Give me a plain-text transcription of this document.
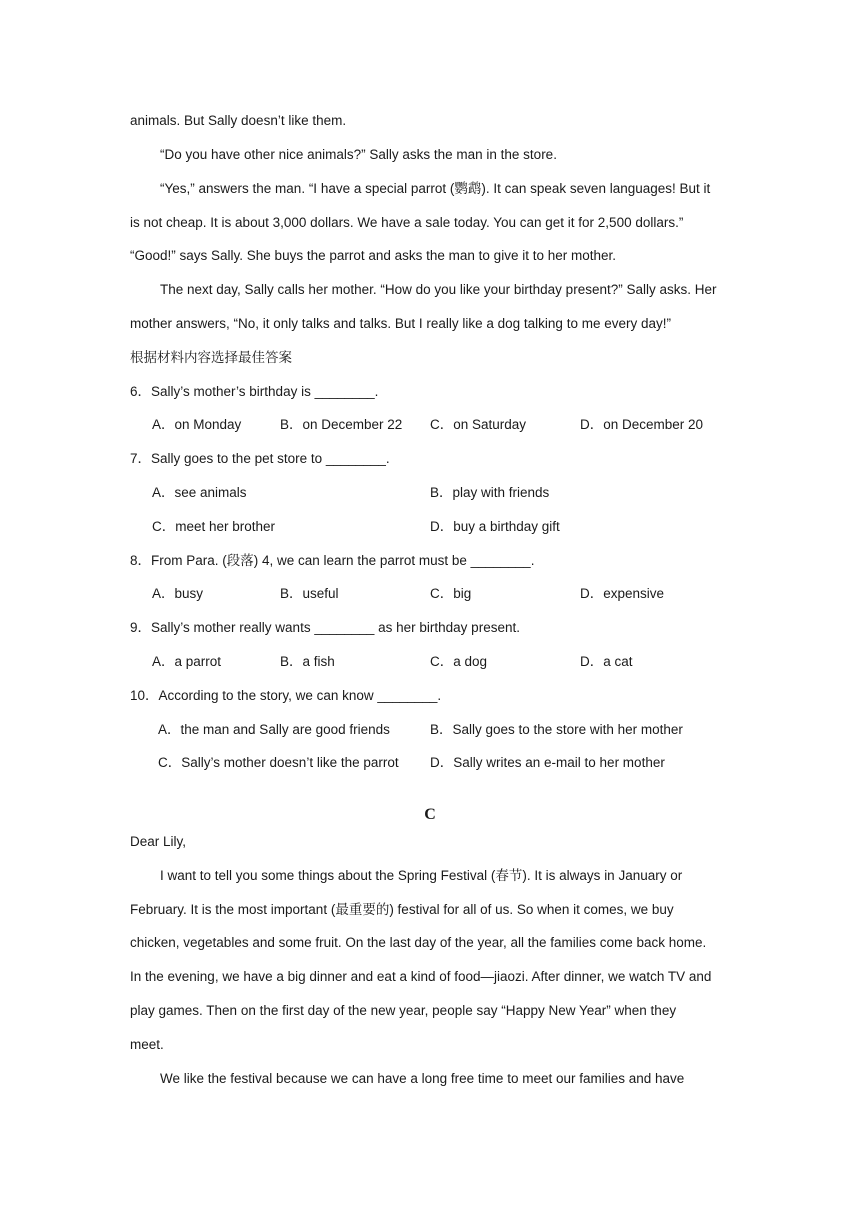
animals. But Sally doesn’t like them.
“Do you have other nice animals?” Sally asks the man in the store.
“Yes,” answers the man. “I have a special parrot (鹦鹉). It can speak seven languages! But it
is not cheap. It is about 3,000 dollars. We have a sale today. You can get it for 2,500 dollars.”
“Good!” says Sally. She buys the parrot and asks the man to give it to her mother.
The next day, Sally calls her mother. “How do you like your birthday present?” Sally asks. Her
mother answers, “No, it only talks and talks. But I really like a dog talking to me every day!”
根据材料内容选择最佳答案
6．Sally’s mother’s birthday is ________.
A．on Monday	B．on December 22 C．on Saturday	D．on December 20
7．Sally goes to the pet store to ________.
A．see animals	B．play with friends
C．meet her brother	D．buy a birthday gift
8．From Para. (段落) 4, we can learn the parrot must be ________.
A．busy	B．useful	C．big	D．expensive
9．Sally’s mother really wants ________ as her birthday present.
A．a parrot	B．a fish	C．a dog	D．a cat
10．According to the story, we can know ________.
A．the man and Sally are good friends	B．Sally goes to the store with her mother
C．Sally’s mother doesn’t like the parrot D．Sally writes an e-mail to her mother
C
Dear Lily,
I want to tell you some things about the Spring Festival (春节). It is always in January or
February. It is the most important (最重要的) festival for all of us. So when it comes, we buy
chicken, vegetables and some fruit. On the last day of the year, all the families come back home.
In the evening, we have a big dinner and eat a kind of food—jiaozi. After dinner, we watch TV and
play games. Then on the first day of the new year, people say “Happy New Year” when they
meet.
We like the festival because we can have a long free time to meet our families and have
